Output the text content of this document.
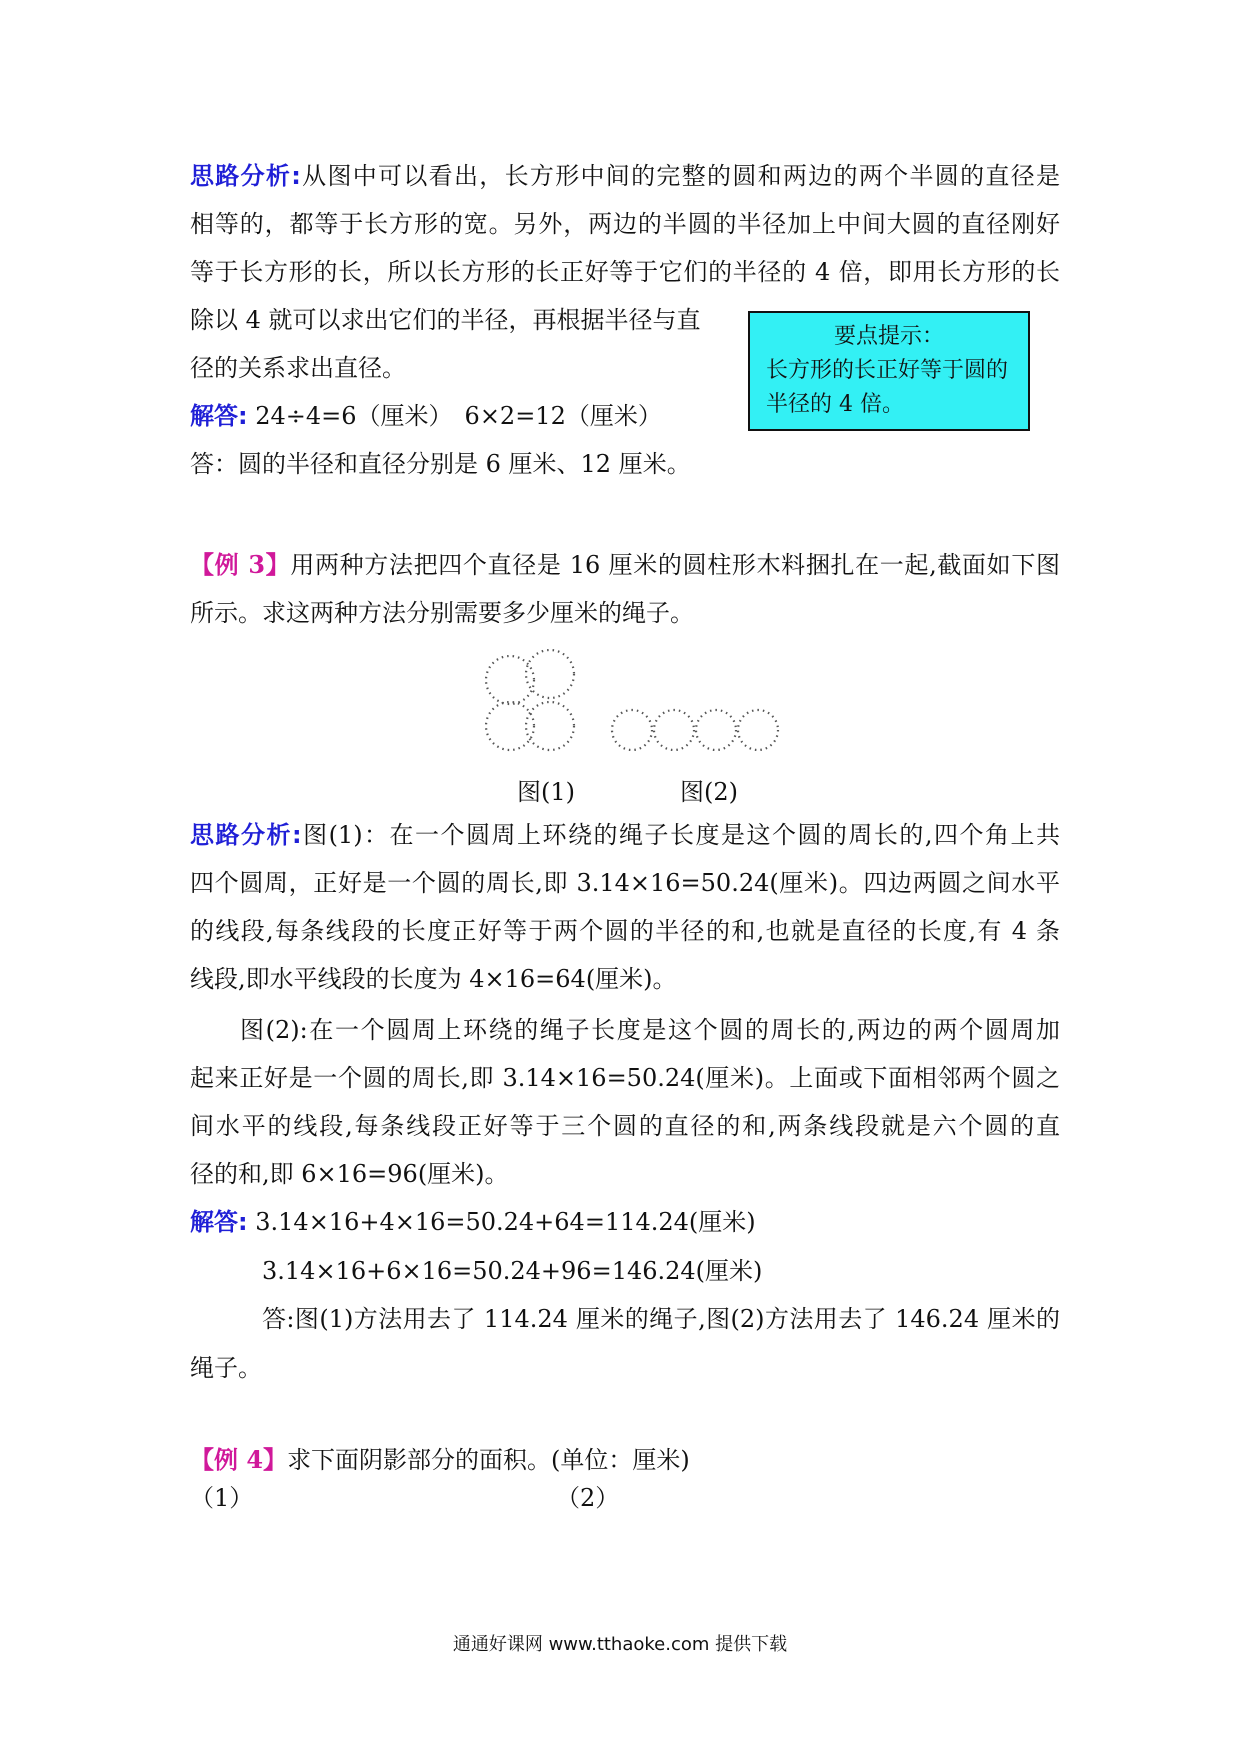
思路分析:从图中可以看出，长方形中间的完整的圆和两边的两个半圆的直径是
相等的，都等于长方形的宽。另外，两边的半圆的半径加上中间大圆的直径刚好
等于长方形的长，所以长方形的长正好等于它们的半径的 4 倍，即用长方形的长
除以 4 就可以求出它们的半径，再根据半径与直
径的关系求出直径。
解答: 24÷4=6（厘米）　6×2=12（厘米）
答：圆的半径和直径分别是 6 厘米、12 厘米。
要点提示：
长方形的长正好等于圆的
半径的 4 倍。
【例 3】用两种方法把四个直径是 16 厘米的圆柱形木料捆扎在一起,截面如下图
所示。求这两种方法分别需要多少厘米的绳子。
图(1)	图(2)
思路分析:图(1)：在一个圆周上环绕的绳子长度是这个圆的周长的,四个角上共
四个圆周，正好是一个圆的周长,即 3.14×16=50.24(厘米)。四边两圆之间水平
的线段,每条线段的长度正好等于两个圆的半径的和,也就是直径的长度,有 4 条
线段,即水平线段的长度为 4×16=64(厘米)。
图(2):在一个圆周上环绕的绳子长度是这个圆的周长的,两边的两个圆周加
起来正好是一个圆的周长,即 3.14×16=50.24(厘米)。上面或下面相邻两个圆之
间水平的线段,每条线段正好等于三个圆的直径的和,两条线段就是六个圆的直
径的和,即 6×16=96(厘米)。
解答: 3.14×16+4×16=50.24+64=114.24(厘米)
3.14×16+6×16=50.24+96=146.24(厘米)
答:图(1)方法用去了 114.24 厘米的绳子,图(2)方法用去了 146.24 厘米的
绳子。
【例 4】求下面阴影部分的面积。(单位：厘米)
（1）	（2）
通通好课网 www.tthaoke.com 提供下载
